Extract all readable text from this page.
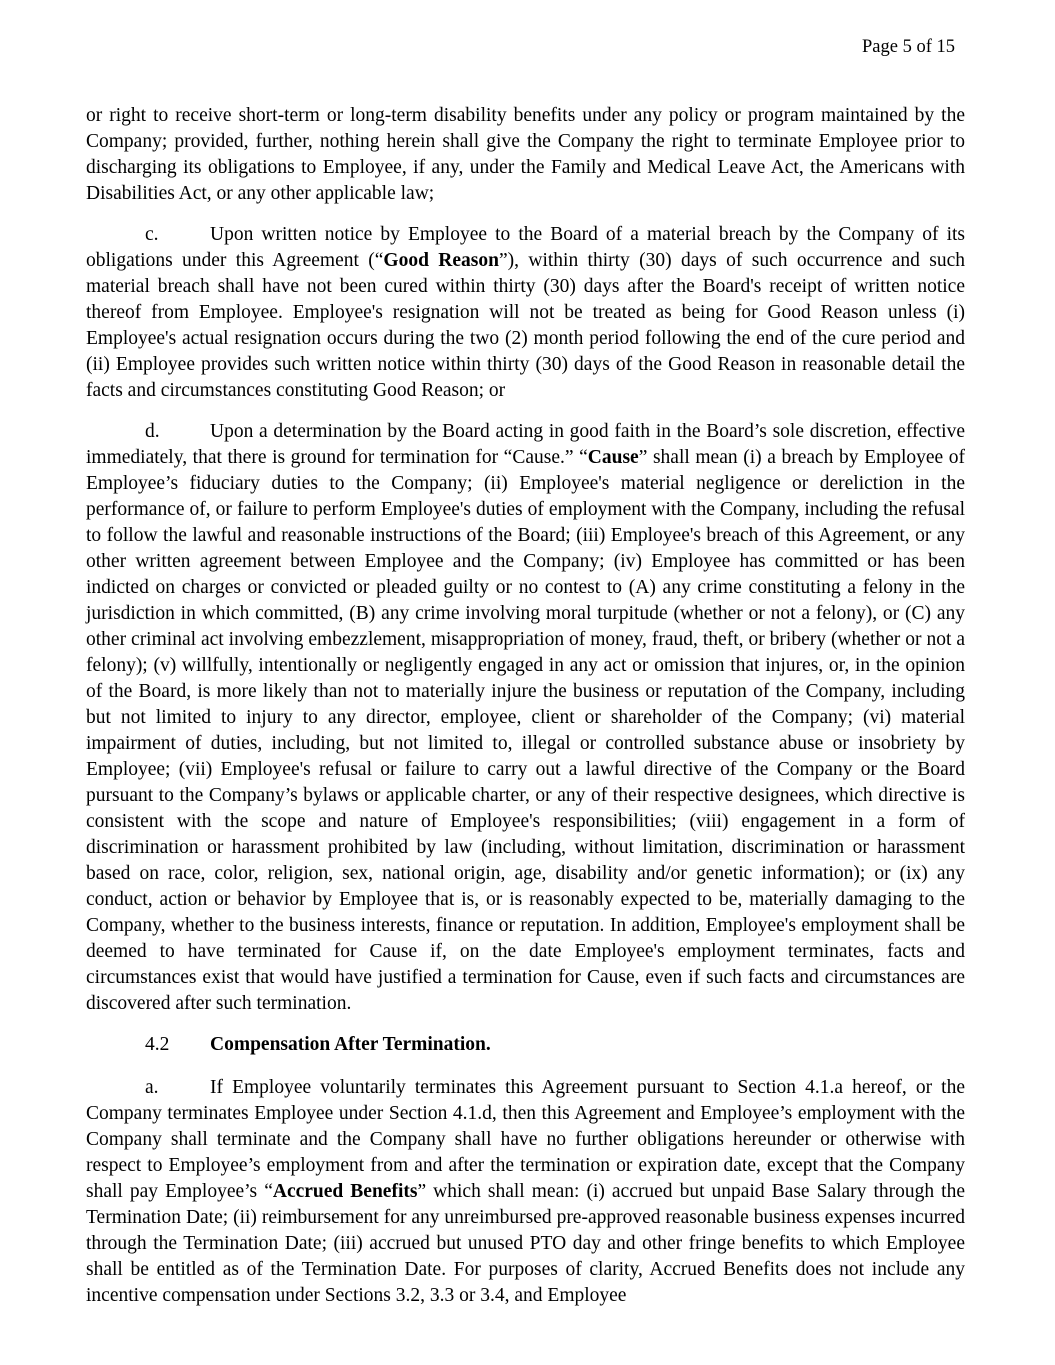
Page 5 of 15

or right to receive short-term or long-term disability benefits under any policy or program maintained by the Company; provided, further, nothing herein shall give the Company the right to terminate Employee prior to discharging its obligations to Employee, if any, under the Family and Medical Leave Act, the Americans with Disabilities Act, or any other applicable law;

c.	Upon written notice by Employee to the Board of a material breach by the Company of its obligations under this Agreement (“Good Reason”), within thirty (30) days of such occurrence and such material breach shall have not been cured within thirty (30) days after the Board's receipt of written notice thereof from Employee. Employee's resignation will not be treated as being for Good Reason unless (i) Employee's actual resignation occurs during the two (2) month period following the end of the cure period and (ii) Employee provides such written notice within thirty (30) days of the Good Reason in reasonable detail the facts and circumstances constituting Good Reason; or

d.	Upon a determination by the Board acting in good faith in the Board’s sole discretion, effective immediately, that there is ground for termination for “Cause.” “Cause” shall mean (i) a breach by Employee of Employee’s fiduciary duties to the Company; (ii) Employee's material negligence or dereliction in the performance of, or failure to perform Employee's duties of employment with the Company, including the refusal to follow the lawful and reasonable instructions of the Board; (iii) Employee's breach of this Agreement, or any other written agreement between Employee and the Company; (iv) Employee has committed or has been indicted on charges or convicted or pleaded guilty or no contest to (A) any crime constituting a felony in the jurisdiction in which committed, (B) any crime involving moral turpitude (whether or not a felony), or (C) any other criminal act involving embezzlement, misappropriation of money, fraud, theft, or bribery (whether or not a felony); (v) willfully, intentionally or negligently engaged in any act or omission that injures, or, in the opinion of the Board, is more likely than not to materially injure the business or reputation of the Company, including but not limited to injury to any director, employee, client or shareholder of the Company; (vi) material impairment of duties, including, but not limited to, illegal or controlled substance abuse or insobriety by Employee; (vii) Employee's refusal or failure to carry out a lawful directive of the Company or the Board pursuant to the Company’s bylaws or applicable charter, or any of their respective designees, which directive is consistent with the scope and nature of Employee's responsibilities; (viii) engagement in a form of discrimination or harassment prohibited by law (including, without limitation, discrimination or harassment based on race, color, religion, sex, national origin, age, disability and/or genetic information); or (ix) any conduct, action or behavior by Employee that is, or is reasonably expected to be, materially damaging to the Company, whether to the business interests, finance or reputation. In addition, Employee's employment shall be deemed to have terminated for Cause if, on the date Employee's employment terminates, facts and circumstances exist that would have justified a termination for Cause, even if such facts and circumstances are discovered after such termination.

4.2 Compensation After Termination.

a.	If Employee voluntarily terminates this Agreement pursuant to Section 4.1.a hereof, or the Company terminates Employee under Section 4.1.d, then this Agreement and Employee’s employment with the Company shall terminate and the Company shall have no further obligations hereunder or otherwise with respect to Employee’s employment from and after the termination or expiration date, except that the Company shall pay Employee’s “Accrued Benefits” which shall mean: (i) accrued but unpaid Base Salary through the Termination Date; (ii) reimbursement for any unreimbursed pre-approved reasonable business expenses incurred through the Termination Date; (iii) accrued but unused PTO day and other fringe benefits to which Employee shall be entitled as of the Termination Date. For purposes of clarity, Accrued Benefits does not include any incentive compensation under Sections 3.2, 3.3 or 3.4, and Employee
